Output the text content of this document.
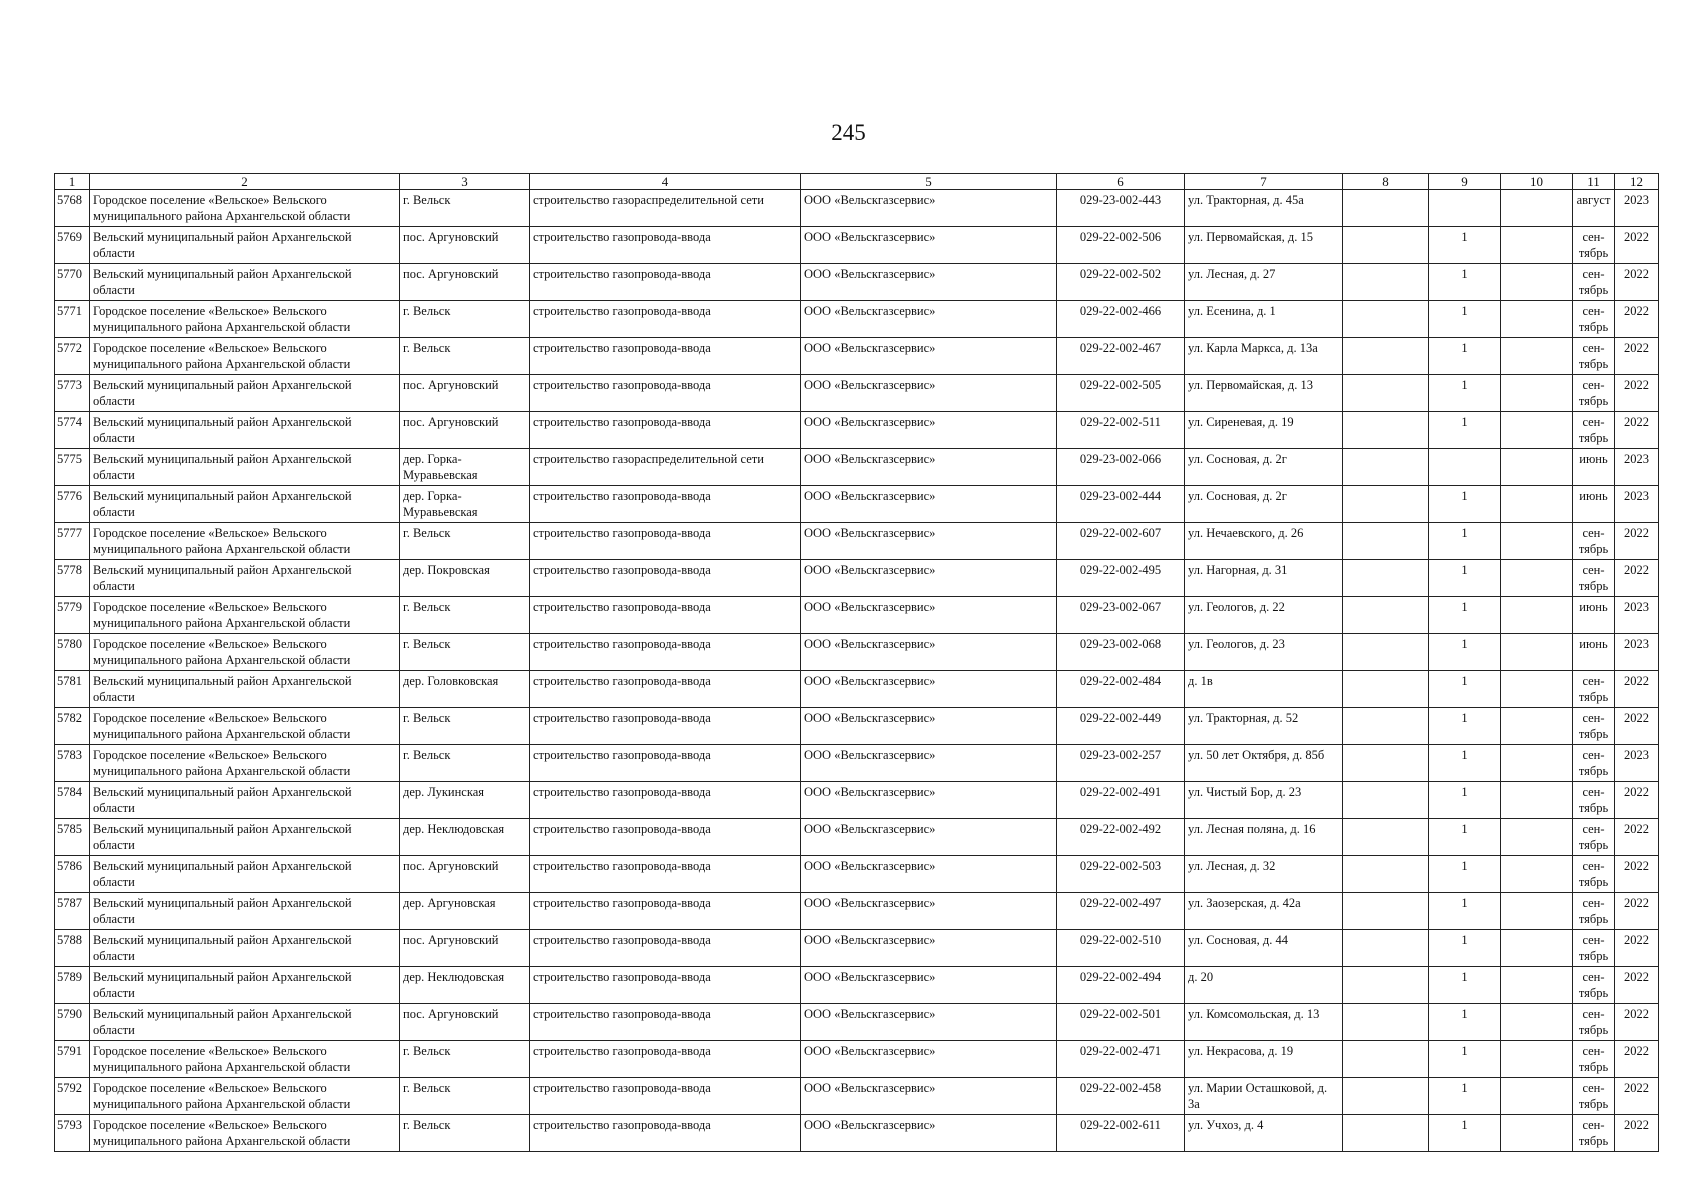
245
1	2	3	4	5	6	7	8	9	10	11	12
5768	Городское поселение «Вельское» Вельского муниципального района Архангельской области	г. Вельск	строительство газораспределительной сети	ООО «Вельскгазсервис»	029-23-002-443	ул. Тракторная, д. 45а				август	2023
5769	Вельский муниципальный район Архангельской области	пос. Аргуновский	строительство газопровода-ввода	ООО «Вельскгазсервис»	029-22-002-506	ул. Первомайская, д. 15		1		сен-тябрь	2022
5770	Вельский муниципальный район Архангельской области	пос. Аргуновский	строительство газопровода-ввода	ООО «Вельскгазсервис»	029-22-002-502	ул. Лесная, д. 27		1		сен-тябрь	2022
5771	Городское поселение «Вельское» Вельского муниципального района Архангельской области	г. Вельск	строительство газопровода-ввода	ООО «Вельскгазсервис»	029-22-002-466	ул. Есенина, д. 1		1		сен-тябрь	2022
5772	Городское поселение «Вельское» Вельского муниципального района Архангельской области	г. Вельск	строительство газопровода-ввода	ООО «Вельскгазсервис»	029-22-002-467	ул. Карла Маркса, д. 13а		1		сен-тябрь	2022
5773	Вельский муниципальный район Архангельской области	пос. Аргуновский	строительство газопровода-ввода	ООО «Вельскгазсервис»	029-22-002-505	ул. Первомайская, д. 13		1		сен-тябрь	2022
5774	Вельский муниципальный район Архангельской области	пос. Аргуновский	строительство газопровода-ввода	ООО «Вельскгазсервис»	029-22-002-511	ул. Сиреневая, д. 19		1		сен-тябрь	2022
5775	Вельский муниципальный район Архангельской области	дер. Горка-Муравьевская	строительство газораспределительной сети	ООО «Вельскгазсервис»	029-23-002-066	ул. Сосновая, д. 2г				июнь	2023
5776	Вельский муниципальный район Архангельской области	дер. Горка-Муравьевская	строительство газопровода-ввода	ООО «Вельскгазсервис»	029-23-002-444	ул. Сосновая, д. 2г		1		июнь	2023
5777	Городское поселение «Вельское» Вельского муниципального района Архангельской области	г. Вельск	строительство газопровода-ввода	ООО «Вельскгазсервис»	029-22-002-607	ул. Нечаевского, д. 26		1		сен-тябрь	2022
5778	Вельский муниципальный район Архангельской области	дер. Покровская	строительство газопровода-ввода	ООО «Вельскгазсервис»	029-22-002-495	ул. Нагорная, д. 31		1		сен-тябрь	2022
5779	Городское поселение «Вельское» Вельского муниципального района Архангельской области	г. Вельск	строительство газопровода-ввода	ООО «Вельскгазсервис»	029-23-002-067	ул. Геологов, д. 22		1		июнь	2023
5780	Городское поселение «Вельское» Вельского муниципального района Архангельской области	г. Вельск	строительство газопровода-ввода	ООО «Вельскгазсервис»	029-23-002-068	ул. Геологов, д. 23		1		июнь	2023
5781	Вельский муниципальный район Архангельской области	дер. Головковская	строительство газопровода-ввода	ООО «Вельскгазсервис»	029-22-002-484	д. 1в		1		сен-тябрь	2022
5782	Городское поселение «Вельское» Вельского муниципального района Архангельской области	г. Вельск	строительство газопровода-ввода	ООО «Вельскгазсервис»	029-22-002-449	ул. Тракторная, д. 52		1		сен-тябрь	2022
5783	Городское поселение «Вельское» Вельского муниципального района Архангельской области	г. Вельск	строительство газопровода-ввода	ООО «Вельскгазсервис»	029-23-002-257	ул. 50 лет Октября, д. 85б		1		сен-тябрь	2023
5784	Вельский муниципальный район Архангельской области	дер. Лукинская	строительство газопровода-ввода	ООО «Вельскгазсервис»	029-22-002-491	ул. Чистый Бор, д. 23		1		сен-тябрь	2022
5785	Вельский муниципальный район Архангельской области	дер. Неклюдовская	строительство газопровода-ввода	ООО «Вельскгазсервис»	029-22-002-492	ул. Лесная поляна, д. 16		1		сен-тябрь	2022
5786	Вельский муниципальный район Архангельской области	пос. Аргуновский	строительство газопровода-ввода	ООО «Вельскгазсервис»	029-22-002-503	ул. Лесная, д. 32		1		сен-тябрь	2022
5787	Вельский муниципальный район Архангельской области	дер. Аргуновская	строительство газопровода-ввода	ООО «Вельскгазсервис»	029-22-002-497	ул. Заозерская, д. 42а		1		сен-тябрь	2022
5788	Вельский муниципальный район Архангельской области	пос. Аргуновский	строительство газопровода-ввода	ООО «Вельскгазсервис»	029-22-002-510	ул. Сосновая, д. 44		1		сен-тябрь	2022
5789	Вельский муниципальный район Архангельской области	дер. Неклюдовская	строительство газопровода-ввода	ООО «Вельскгазсервис»	029-22-002-494	д. 20		1		сен-тябрь	2022
5790	Вельский муниципальный район Архангельской области	пос. Аргуновский	строительство газопровода-ввода	ООО «Вельскгазсервис»	029-22-002-501	ул. Комсомольская, д. 13		1		сен-тябрь	2022
5791	Городское поселение «Вельское» Вельского муниципального района Архангельской области	г. Вельск	строительство газопровода-ввода	ООО «Вельскгазсервис»	029-22-002-471	ул. Некрасова, д. 19		1		сен-тябрь	2022
5792	Городское поселение «Вельское» Вельского муниципального района Архангельской области	г. Вельск	строительство газопровода-ввода	ООО «Вельскгазсервис»	029-22-002-458	ул. Марии Осташковой, д. 3а		1		сен-тябрь	2022
5793	Городское поселение «Вельское» Вельского муниципального района Архангельской области	г. Вельск	строительство газопровода-ввода	ООО «Вельскгазсервис»	029-22-002-611	ул. Учхоз, д. 4		1		сен-тябрь	2022
